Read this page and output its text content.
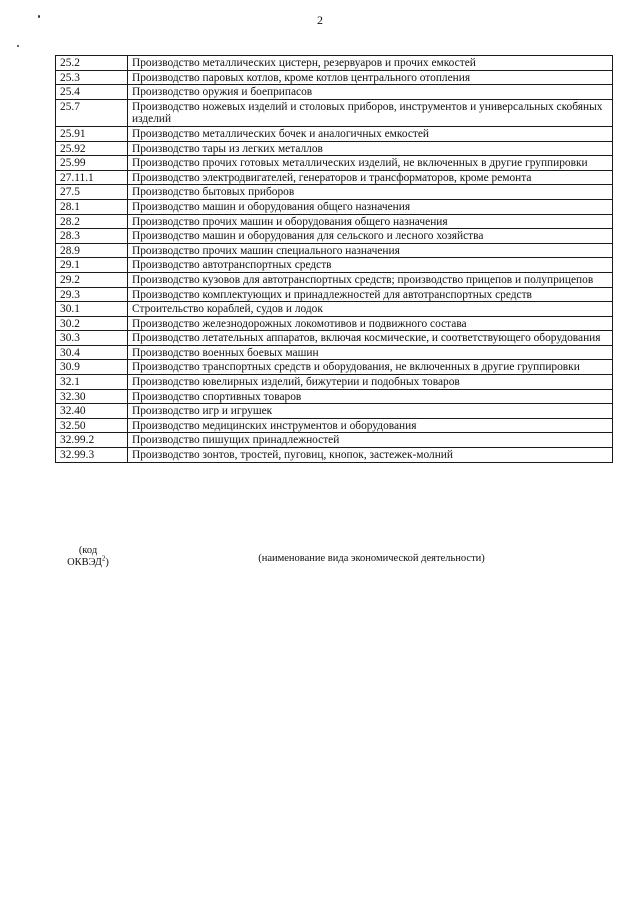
2
25.2	Производство металлических цистерн, резервуаров и прочих емкостей
25.3	Производство паровых котлов, кроме котлов центрального отопления
25.4	Производство оружия и боеприпасов
25.7	Производство ножевых изделий и столовых приборов, инструментов и универсальных скобяных изделий
25.91	Производство металлических бочек и аналогичных емкостей
25.92	Производство тары из легких металлов
25.99	Производство прочих готовых металлических изделий, не включенных в другие группировки
27.11.1	Производство электродвигателей, генераторов и трансформаторов, кроме ремонта
27.5	Производство бытовых приборов
28.1	Производство машин и оборудования общего назначения
28.2	Производство прочих машин и оборудования общего назначения
28.3	Производство машин и оборудования для сельского и лесного хозяйства
28.9	Производство прочих машин специального назначения
29.1	Производство автотранспортных средств
29.2	Производство кузовов для автотранспортных средств; производство прицепов и полуприцепов
29.3	Производство комплектующих и принадлежностей для автотранспортных средств
30.1	Строительство кораблей, судов и лодок
30.2	Производство железнодорожных локомотивов и подвижного состава
30.3	Производство летательных аппаратов, включая космические, и соответствующего оборудования
30.4	Производство военных боевых машин
30.9	Производство транспортных средств и оборудования, не включенных в другие группировки
32.1	Производство ювелирных изделий, бижутерии и подобных товаров
32.30	Производство спортивных товаров
32.40	Производство игр и игрушек
32.50	Производство медицинских инструментов и оборудования
32.99.2	Производство пишущих принадлежностей
32.99.3	Производство зонтов, тростей, пуговиц, кнопок, застежек-молний
(код
ОКВЭД$^2$)	(наименование вида экономической деятельности)
